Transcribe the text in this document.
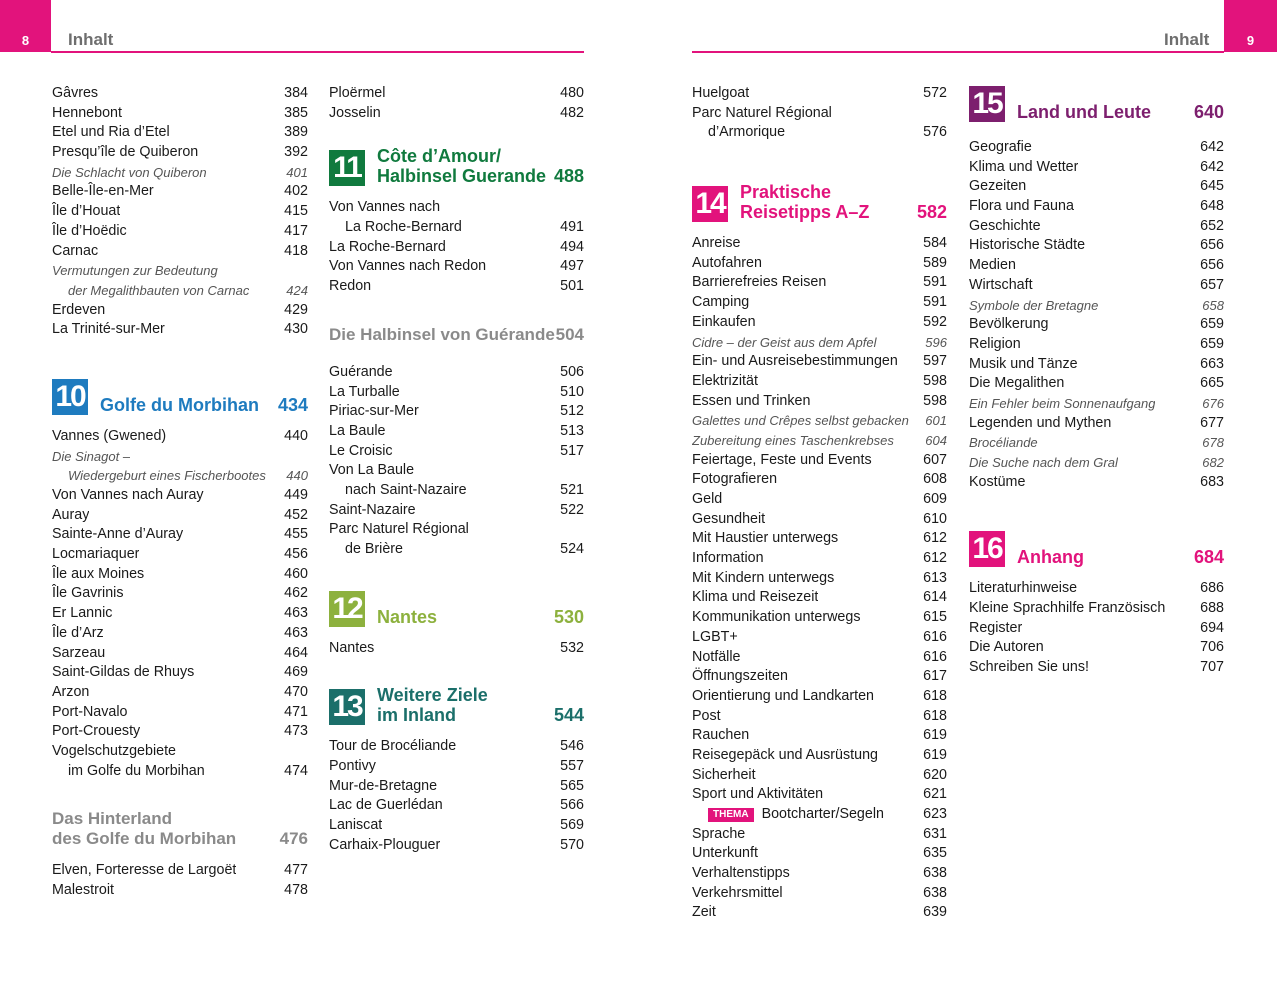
8 Inhalt	9
Inhalt
Gâvres	384
Hennebont	385
Etel und Ria d’Etel	389
Presqu’île de Quiberon	392
Die Schlacht von Quiberon	401
Belle-Île-en-Mer	402
Île d’Houat	415
Île d’Hoëdic	417
Carnac	418
Vermutungen zur Bedeutung
der Megalithbauten von Carnac	424
Erdeven	429
La Trinité-sur-Mer	430
10 Golfe du Morbihan	434
Vannes (Gwened)	440
Die Sinagot –
Wiedergeburt eines Fischerbootes	440
Von Vannes nach Auray	449
Auray	452
Sainte-Anne d’Auray	455
Locmariaquer	456
Île aux Moines	460
Île Gavrinis	462
Er Lannic	463
Île d’Arz	463
Sarzeau	464
Saint-Gildas de Rhuys	469
Arzon	470
Port-Navalo	471
Port-Crouesty	473
Vogelschutzgebiete
im Golfe du Morbihan	474
Das Hinterland
des Golfe du Morbihan	476
Elven, Forteresse de Largoët	477
Malestroit	478
Ploërmel	480
Josselin	482
11 Côte d’Amour/
Halbinsel Guerande 488
Von Vannes nach
La Roche-Bernard	491
La Roche-Bernard	494
Von Vannes nach Redon	497
Redon	501
Die Halbinsel von Guérande 504
Guérande	506
La Turballe	510
Piriac-sur-Mer	512
La Baule	513
Le Croisic	517
Von La Baule
nach Saint-Nazaire	521
Saint-Nazaire	522
Parc Naturel Régional
de Brière	524
12 Nantes	530
Nantes	532
13 Weitere Ziele
im Inland	544
Tour de Brocéliande	546
Pontivy	557
Mur-de-Bretagne	565
Lac de Guerlédan	566
Laniscat	569
Carhaix-Plouguer	570
Huelgoat	572
Parc Naturel Régional
d’Armorique	576
14 Praktische
Reisetipps A–Z	582
Anreise	584
Autofahren	589
Barrierefreies Reisen	591
Camping	591
Einkaufen	592
Cidre – der Geist aus dem Apfel	596
Ein- und Ausreisebestimmungen	597
Elektrizität	598
Essen und Trinken	598
Galettes und Crêpes selbst gebacken	601
Zubereitung eines Taschenkrebses	604
Feiertage, Feste und Events	607
Fotografieren	608
Geld	609
Gesundheit	610
Mit Haustier unterwegs	612
Information	612
Mit Kindern unterwegs	613
Klima und Reisezeit	614
Kommunikation unterwegs	615
LGBT+	616
Notfälle	616
Öffnungszeiten	617
Orientierung und Landkarten	618
Post	618
Rauchen	619
Reisegepäck und Ausrüstung	619
Sicherheit	620
Sport und Aktivitäten	621
THEMA Bootcharter/Segeln	623
Sprache	631
Unterkunft	635
Verhaltenstipps	638
Verkehrsmittel	638
Zeit	639
15 Land und Leute	640
Geografie	642
Klima und Wetter	642
Gezeiten	645
Flora und Fauna	648
Geschichte	652
Historische Städte	656
Medien	656
Wirtschaft	657
Symbole der Bretagne	658
Bevölkerung	659
Religion	659
Musik und Tänze	663
Die Megalithen	665
Ein Fehler beim Sonnenaufgang	676
Legenden und Mythen	677
Brocéliande	678
Die Suche nach dem Gral	682
Kostüme	683
16 Anhang	684
Literaturhinweise	686
Kleine Sprachhilfe Französisch	688
Register	694
Die Autoren	706
Schreiben Sie uns!	707
